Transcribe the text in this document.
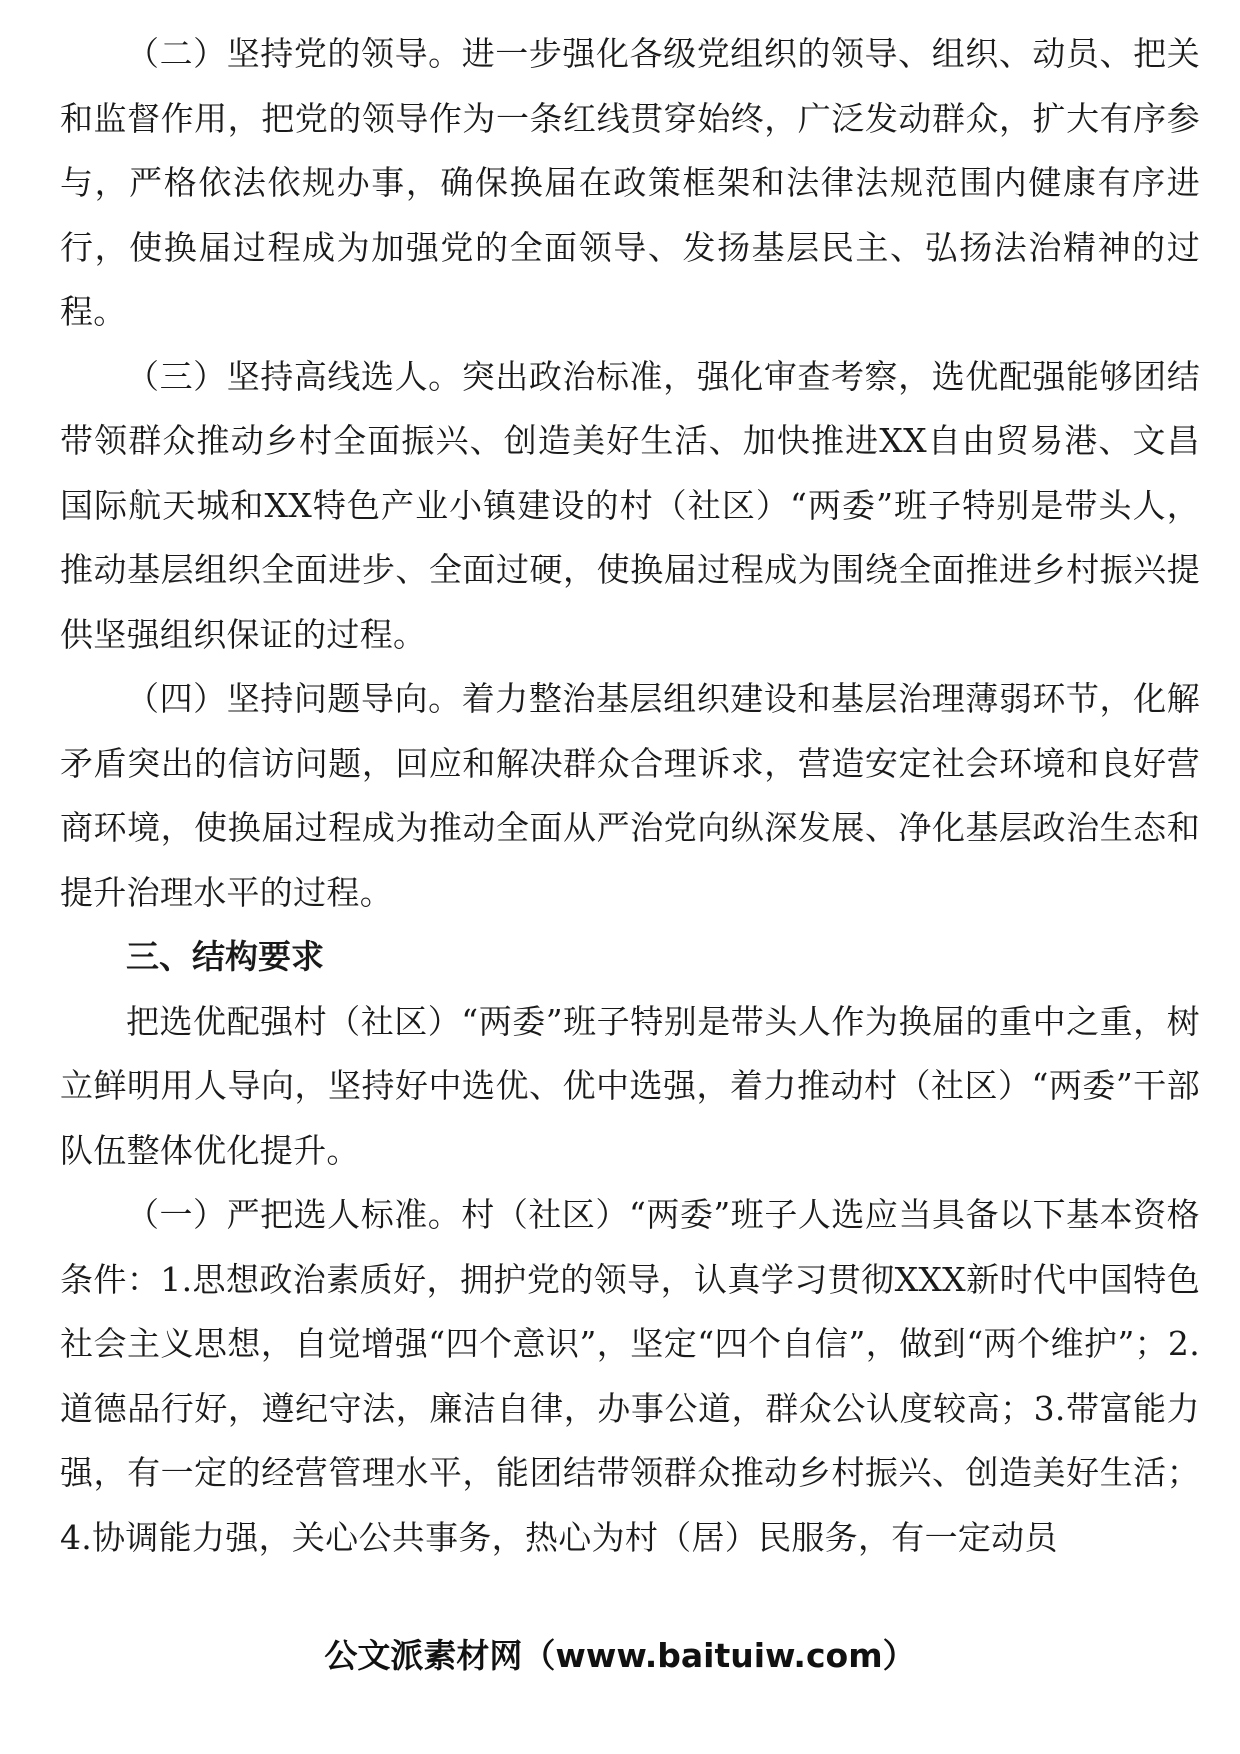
（二）坚持党的领导。进一步强化各级党组织的领导、组织、动员、把关和监督作用，把党的领导作为一条红线贯穿始终，广泛发动群众，扩大有序参与，严格依法依规办事，确保换届在政策框架和法律法规范围内健康有序进行，使换届过程成为加强党的全面领导、发扬基层民主、弘扬法治精神的过程。

（三）坚持高线选人。突出政治标准，强化审查考察，选优配强能够团结带领群众推动乡村全面振兴、创造美好生活、加快推进XX自由贸易港、文昌国际航天城和XX特色产业小镇建设的村（社区）“两委”班子特别是带头人，推动基层组织全面进步、全面过硬，使换届过程成为围绕全面推进乡村振兴提供坚强组织保证的过程。

（四）坚持问题导向。着力整治基层组织建设和基层治理薄弱环节，化解矛盾突出的信访问题，回应和解决群众合理诉求，营造安定社会环境和良好营商环境，使换届过程成为推动全面从严治党向纵深发展、净化基层政治生态和提升治理水平的过程。

三、结构要求

把选优配强村（社区）“两委”班子特别是带头人作为换届的重中之重，树立鲜明用人导向，坚持好中选优、优中选强，着力推动村（社区）“两委”干部队伍整体优化提升。

（一）严把选人标准。村（社区）“两委”班子人选应当具备以下基本资格条件：1.思想政治素质好，拥护党的领导，认真学习贯彻XXX新时代中国特色社会主义思想，自觉增强“四个意识”，坚定“四个自信”，做到“两个维护”；2.道德品行好，遵纪守法，廉洁自律，办事公道，群众公认度较高；3.带富能力强，有一定的经营管理水平，能团结带领群众推动乡村振兴、创造美好生活；4.协调能力强，关心公共事务，热心为村（居）民服务，有一定动员

公文派素材网（www.baituiw.com）
